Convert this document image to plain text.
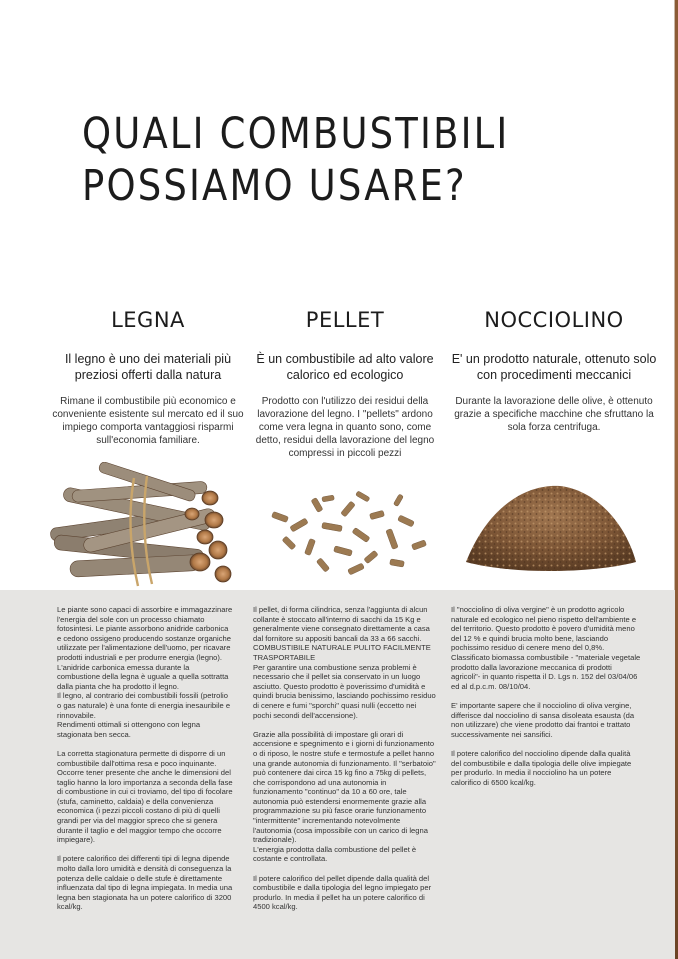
QUALI COMBUSTIBILI POSSIAMO USARE?
LEGNA
Il legno è uno dei materiali più preziosi offerti dalla natura
Rimane il combustibile più economico e conveniente esistente sul mercato ed il suo impiego comporta vantaggiosi risparmi sull'economia familiare.
PELLET
È un combustibile ad alto valore calorico ed ecologico
Prodotto con l'utilizzo dei residui della lavorazione del legno. I "pellets" ardono come vera legna in quanto sono, come detto, residui della lavorazione del legno compressi in piccoli pezzi
NOCCIOLINO
E' un prodotto naturale, ottenuto solo con procedimenti meccanici
Durante la lavorazione delle olive, è ottenuto grazie a specifiche macchine che sfruttano la sola forza centrifuga.

Le piante sono capaci di assorbire e immagazzinare l'energia del sole con un processo chiamato fotosintesi. Le piante assorbono anidride carbonica e cedono ossigeno producendo sostanze organiche utilizzate per l'alimentazione dell'uomo, per ricavare prodotti industriali e per produrre energia (legno). L'anidride carbonica emessa durante la combustione della legna è uguale a quella sottratta dalla pianta che ha prodotto il legno.
Il legno, al contrario dei combustibili fossili (petrolio o gas naturale) è una fonte di energia inesauribile e rinnovabile.
Rendimenti ottimali si ottengono con legna stagionata ben secca.

La corretta stagionatura permette di disporre di un combustibile dall'ottima resa e poco inquinante. Occorre tener presente che anche le dimensioni del taglio hanno la loro importanza a seconda della fase di combustione in cui ci troviamo, del tipo di focolare (stufa, caminetto, caldaia) e della convenienza economica (i pezzi piccoli costano di più di quelli grandi per via del maggior spreco che si genera durante il taglio e del maggior tempo che occorre impiegare).

Il potere calorifico dei differenti tipi di legna dipende molto dalla loro umidità e densità di conseguenza la potenza delle caldaie o delle stufe è direttamente influenzata dal tipo di legna impiegata. In media una legna ben stagionata ha un potere calorifico di 3200 kcal/kg.

Il pellet, di forma cilindrica, senza l'aggiunta di alcun collante è stoccato all'interno di sacchi da 15 Kg e generalmente viene consegnato direttamente a casa dal fornitore su appositi bancali da 33 a 66 sacchi.
COMBUSTIBILE NATURALE PULITO FACILMENTE TRASPORTABILE
Per garantire una combustione senza problemi è necessario che il pellet sia conservato in un luogo asciutto. Questo prodotto è poverissimo d'umidità e quindi brucia benissimo, lasciando pochissimo residuo di cenere e fumi "sporchi" quasi nulli (eccetto nei pochi secondi dell'accensione).

Grazie alla possibilità di impostare gli orari di accensione e spegnimento e i giorni di funzionamento o di riposo, le nostre stufe e termostufe a pellet hanno una grande autonomia di funzionamento. Il "serbatoio" può contenere dai circa 15 kg fino a 75kg di pellets, che corrispondono ad una autonomia in funzionamento "continuo" da 10 a 60 ore, tale autonomia può estendersi enormemente grazie alla programmazione su più fasce orarie funzionamento "intermittente" incrementando notevolmente l'autonomia (cosa impossibile con un carico di legna tradizionale).
L'energia prodotta dalla combustione del pellet è costante e controllata.

Il potere calorifico del pellet dipende dalla qualità del combustibile e dalla tipologia del legno impiegato per produrlo. In media il pellet ha un potere calorifico di 4500 kcal/kg.

Il "nocciolino di oliva vergine" è un prodotto agricolo naturale ed ecologico nel pieno rispetto dell'ambiente e del territorio. Questo prodotto è povero d'umidità meno del 12 % e quindi brucia molto bene, lasciando pochissimo residuo di cenere meno del 0,8%.
Classificato biomassa combustibile - "materiale vegetale prodotto dalla lavorazione meccanica di prodotti agricoli"- in quanto rispetta il D. Lgs n. 152 del 03/04/06 ed al d.p.c.m. 08/10/04.

E' importante sapere che il nocciolino di oliva vergine, differisce dal nocciolino di sansa disoleata esausta (da non utilizzare) che viene prodotto dai frantoi e trattato successivamente nei sansifici.

Il potere calorifico del nocciolino dipende dalla qualità del combustibile e dalla tipologia delle olive impiegate per produrlo. In media il nocciolino ha un potere calorifico di 6500 kcal/kg.
